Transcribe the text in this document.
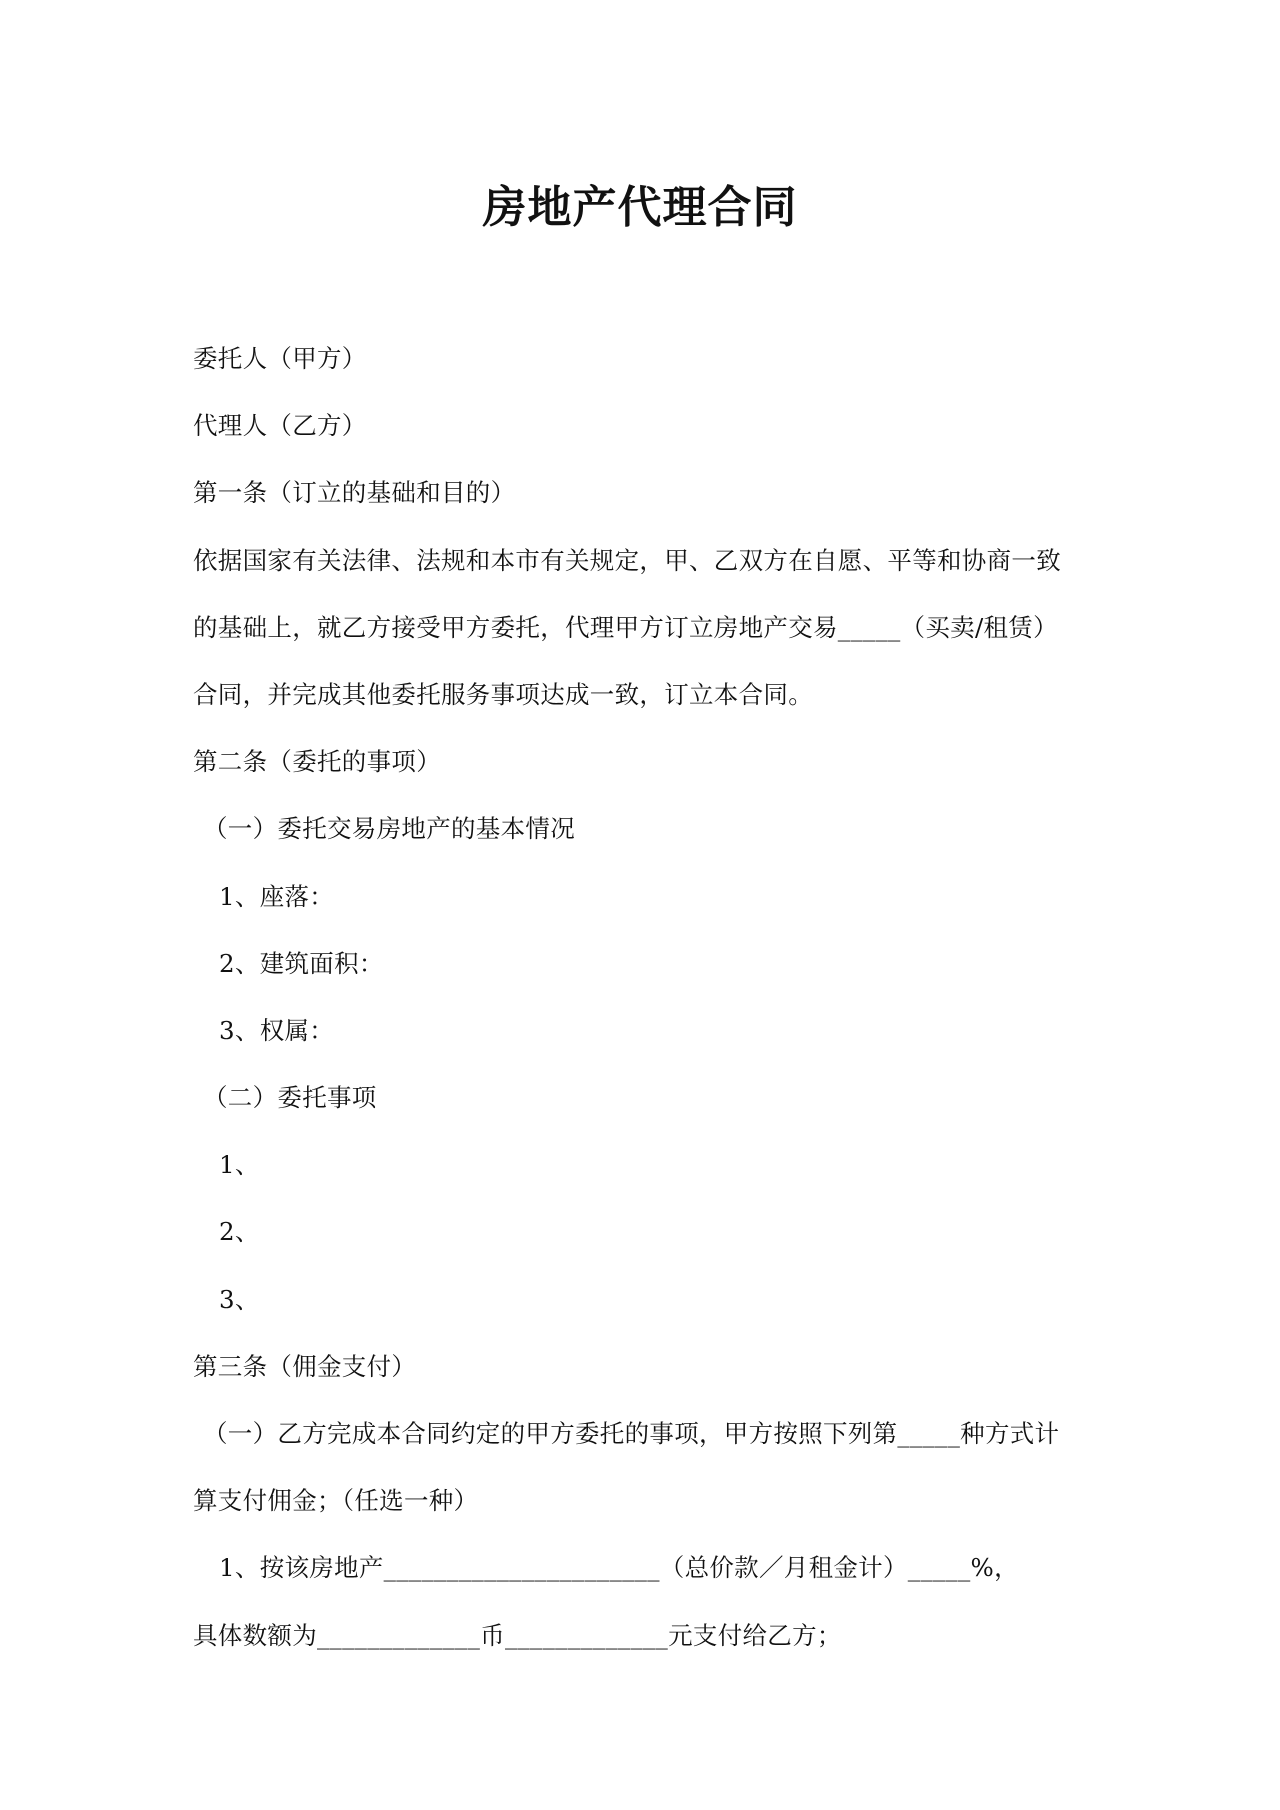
房地产代理合同
委托人（甲方）
代理人（乙方）
第一条（订立的基础和目的）
依据国家有关法律、法规和本市有关规定，甲、乙双方在自愿、平等和协商一致
的基础上，就乙方接受甲方委托，代理甲方订立房地产交易_____（买卖/租赁）
合同，并完成其他委托服务事项达成一致，订立本合同。
第二条（委托的事项）
（一）委托交易房地产的基本情况
1、座落：
2、建筑面积：
3、权属：
（二）委托事项
1、
2、
3、
第三条（佣金支付）
（一）乙方完成本合同约定的甲方委托的事项，甲方按照下列第_____种方式计
算支付佣金；（任选一种）
1、按该房地产______________________（总价款／月租金计）_____%，
具体数额为_____________币_____________元支付给乙方；
